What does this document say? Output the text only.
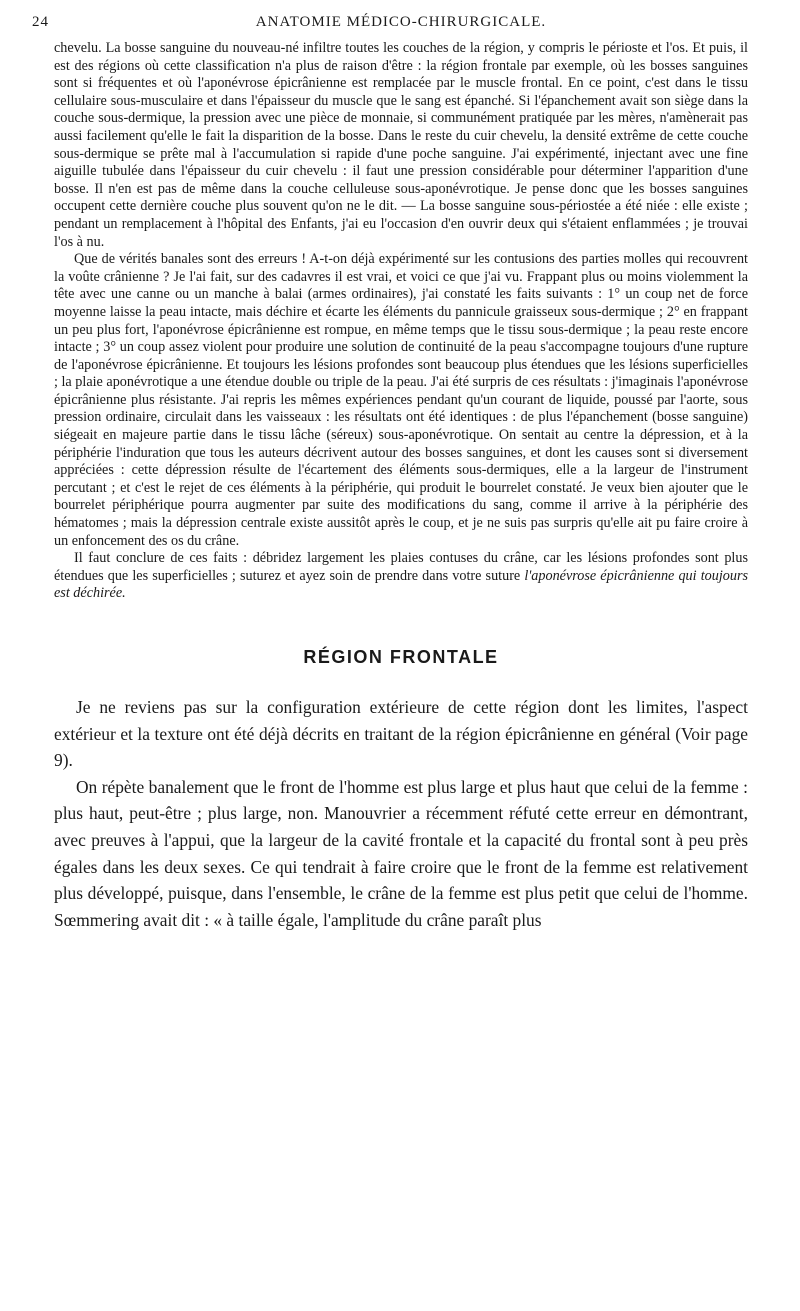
24	ANATOMIE MÉDICO-CHIRURGICALE.

chevelu. La bosse sanguine du nouveau-né infiltre toutes les couches de la région, y compris le périoste et l'os. Et puis, il est des régions où cette classification n'a plus de raison d'être : la région frontale par exemple, où les bosses sanguines sont si fréquentes et où l'aponévrose épicrânienne est remplacée par le muscle frontal. En ce point, c'est dans le tissu cellulaire sous-musculaire et dans l'épaisseur du muscle que le sang est épanché. Si l'épanchement avait son siège dans la couche sous-dermique, la pression avec une pièce de monnaie, si communément pratiquée par les mères, n'amènerait pas aussi facilement qu'elle le fait la disparition de la bosse. Dans le reste du cuir chevelu, la densité extrême de cette couche sous-dermique se prête mal à l'accumulation si rapide d'une poche sanguine. J'ai expérimenté, injectant avec une fine aiguille tubulée dans l'épaisseur du cuir chevelu : il faut une pression considérable pour déterminer l'apparition d'une bosse. Il n'en est pas de même dans la couche celluleuse sous-aponévrotique. Je pense donc que les bosses sanguines occupent cette dernière couche plus souvent qu'on ne le dit. — La bosse sanguine sous-périostée a été niée : elle existe ; pendant un remplacement à l'hôpital des Enfants, j'ai eu l'occasion d'en ouvrir deux qui s'étaient enflammées ; je trouvai l'os à nu.

Que de vérités banales sont des erreurs ! A-t-on déjà expérimenté sur les contusions des parties molles qui recouvrent la voûte crânienne ? Je l'ai fait, sur des cadavres il est vrai, et voici ce que j'ai vu. Frappant plus ou moins violemment la tête avec une canne ou un manche à balai (armes ordinaires), j'ai constaté les faits suivants : 1° un coup net de force moyenne laisse la peau intacte, mais déchire et écarte les éléments du pannicule graisseux sous-dermique ; 2° en frappant un peu plus fort, l'aponévrose épicrânienne est rompue, en même temps que le tissu sous-dermique ; la peau reste encore intacte ; 3° un coup assez violent pour produire une solution de continuité de la peau s'accompagne toujours d'une rupture de l'aponévrose épicrânienne. Et toujours les lésions profondes sont beaucoup plus étendues que les lésions superficielles ; la plaie aponévrotique a une étendue double ou triple de la peau. J'ai été surpris de ces résultats : j'imaginais l'aponévrose épicrânienne plus résistante. J'ai repris les mêmes expériences pendant qu'un courant de liquide, poussé par l'aorte, sous pression ordinaire, circulait dans les vaisseaux : les résultats ont été identiques : de plus l'épanchement (bosse sanguine) siégeait en majeure partie dans le tissu lâche (séreux) sous-aponévrotique. On sentait au centre la dépression, et à la périphérie l'induration que tous les auteurs décrivent autour des bosses sanguines, et dont les causes sont si diversement appréciées : cette dépression résulte de l'écartement des éléments sous-dermiques, elle a la largeur de l'instrument percutant ; et c'est le rejet de ces éléments à la périphérie, qui produit le bourrelet constaté. Je veux bien ajouter que le bourrelet périphérique pourra augmenter par suite des modifications du sang, comme il arrive à la périphérie des hématomes ; mais la dépression centrale existe aussitôt après le coup, et je ne suis pas surpris qu'elle ait pu faire croire à un enfoncement des os du crâne.

Il faut conclure de ces faits : débridez largement les plaies contuses du crâne, car les lésions profondes sont plus étendues que les superficielles ; suturez et ayez soin de prendre dans votre suture l'aponévrose épicrânienne qui toujours est déchirée.

RÉGION FRONTALE

Je ne reviens pas sur la configuration extérieure de cette région dont les limites, l'aspect extérieur et la texture ont été déjà décrits en traitant de la région épicrânienne en général (Voir page 9).

On répète banalement que le front de l'homme est plus large et plus haut que celui de la femme : plus haut, peut-être ; plus large, non. Manouvrier a récemment réfuté cette erreur en démontrant, avec preuves à l'appui, que la largeur de la cavité frontale et la capacité du frontal sont à peu près égales dans les deux sexes. Ce qui tendrait à faire croire que le front de la femme est relativement plus développé, puisque, dans l'ensemble, le crâne de la femme est plus petit que celui de l'homme. Sœmmering avait dit : « à taille égale, l'amplitude du crâne paraît plus
